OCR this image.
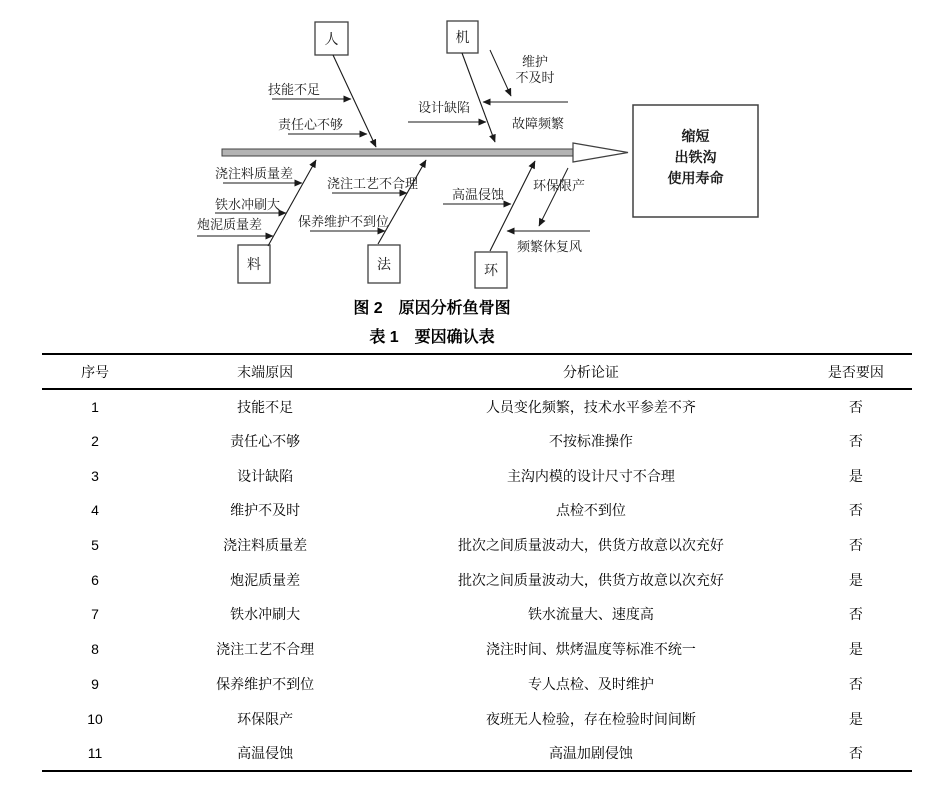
缩短
出铁沟
使用寿命
人	机
料	法	环
技能不足
责任心不够
设计缺陷
维护
不及时
故障频繁
浇注料质量差
铁水冲刷大
炮泥质量差
浇注工艺不合理
保养维护不到位
高温侵蚀
环保限产
频繁休复风
图 2　原因分析鱼骨图
表 1　要因确认表
序号	末端原因	分析论证	是否要因
1	技能不足	人员变化频繁，技术水平参差不齐	否
2	责任心不够	不按标准操作	否
3	设计缺陷	主沟内模的设计尺寸不合理	是
4	维护不及时	点检不到位	否
5	浇注料质量差	批次之间质量波动大，供货方故意以次充好	否
6	炮泥质量差	批次之间质量波动大，供货方故意以次充好	是
7	铁水冲刷大	铁水流量大、速度高	否
8	浇注工艺不合理	浇注时间、烘烤温度等标准不统一	是
9	保养维护不到位	专人点检、及时维护	否
10	环保限产	夜班无人检验，存在检验时间间断	是
11	高温侵蚀	高温加剧侵蚀	否
